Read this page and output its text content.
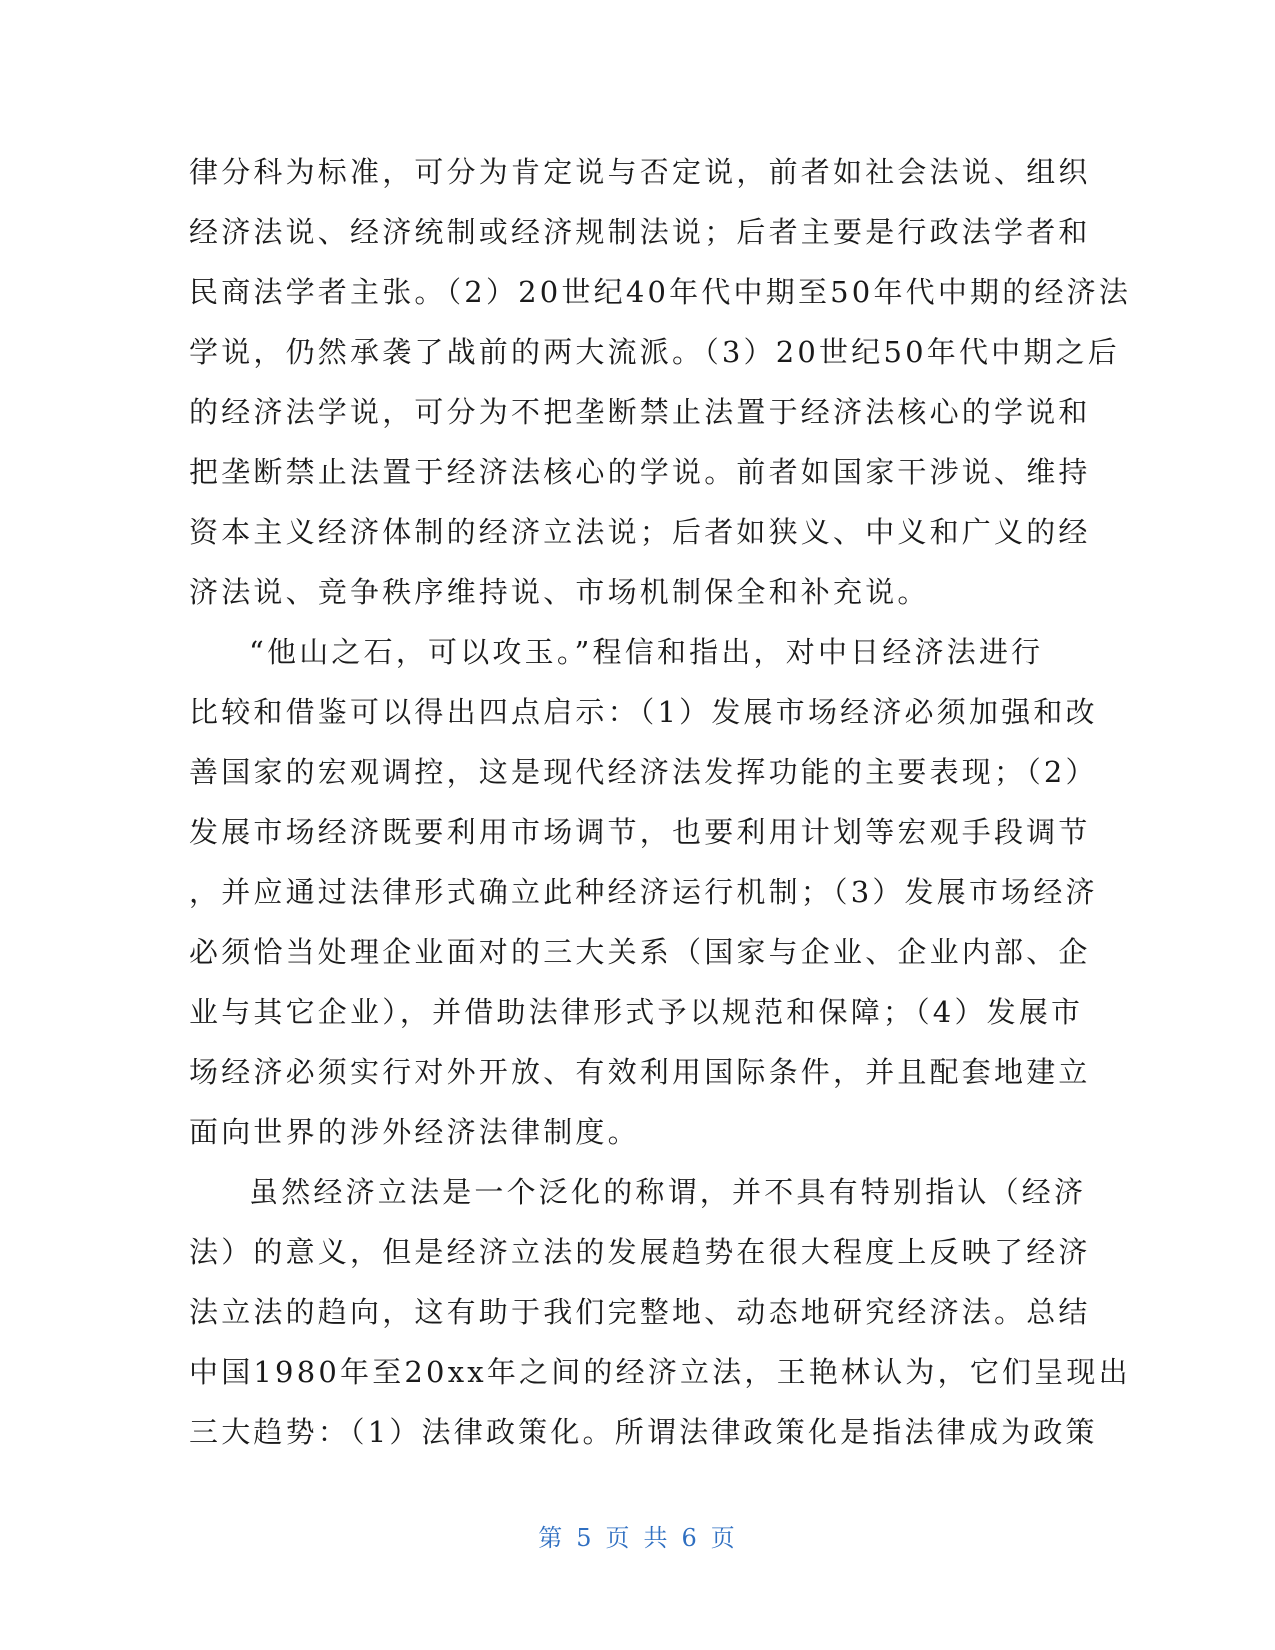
律分科为标准，可分为肯定说与否定说，前者如社会法说、组织
经济法说、经济统制或经济规制法说；后者主要是行政法学者和
民商法学者主张。（2）20世纪40年代中期至50年代中期的经济法
学说，仍然承袭了战前的两大流派。（3）20世纪50年代中期之后
的经济法学说，可分为不把垄断禁止法置于经济法核心的学说和
把垄断禁止法置于经济法核心的学说。前者如国家干涉说、维持
资本主义经济体制的经济立法说；后者如狭义、中义和广义的经
济法说、竞争秩序维持说、市场机制保全和补充说。
“他山之石，可以攻玉。”程信和指出，对中日经济法进行
比较和借鉴可以得出四点启示：（1）发展市场经济必须加强和改
善国家的宏观调控，这是现代经济法发挥功能的主要表现；（2）
发展市场经济既要利用市场调节，也要利用计划等宏观手段调节
，并应通过法律形式确立此种经济运行机制；（3）发展市场经济
必须恰当处理企业面对的三大关系（国家与企业、企业内部、企
业与其它企业），并借助法律形式予以规范和保障；（4）发展市
场经济必须实行对外开放、有效利用国际条件，并且配套地建立
面向世界的涉外经济法律制度。
虽然经济立法是一个泛化的称谓，并不具有特别指认（经济
法）的意义，但是经济立法的发展趋势在很大程度上反映了经济
法立法的趋向，这有助于我们完整地、动态地研究经济法。总结
中国1980年至20xx年之间的经济立法，王艳林认为，它们呈现出
三大趋势：（1）法律政策化。所谓法律政策化是指法律成为政策
第 5 页 共 6 页
